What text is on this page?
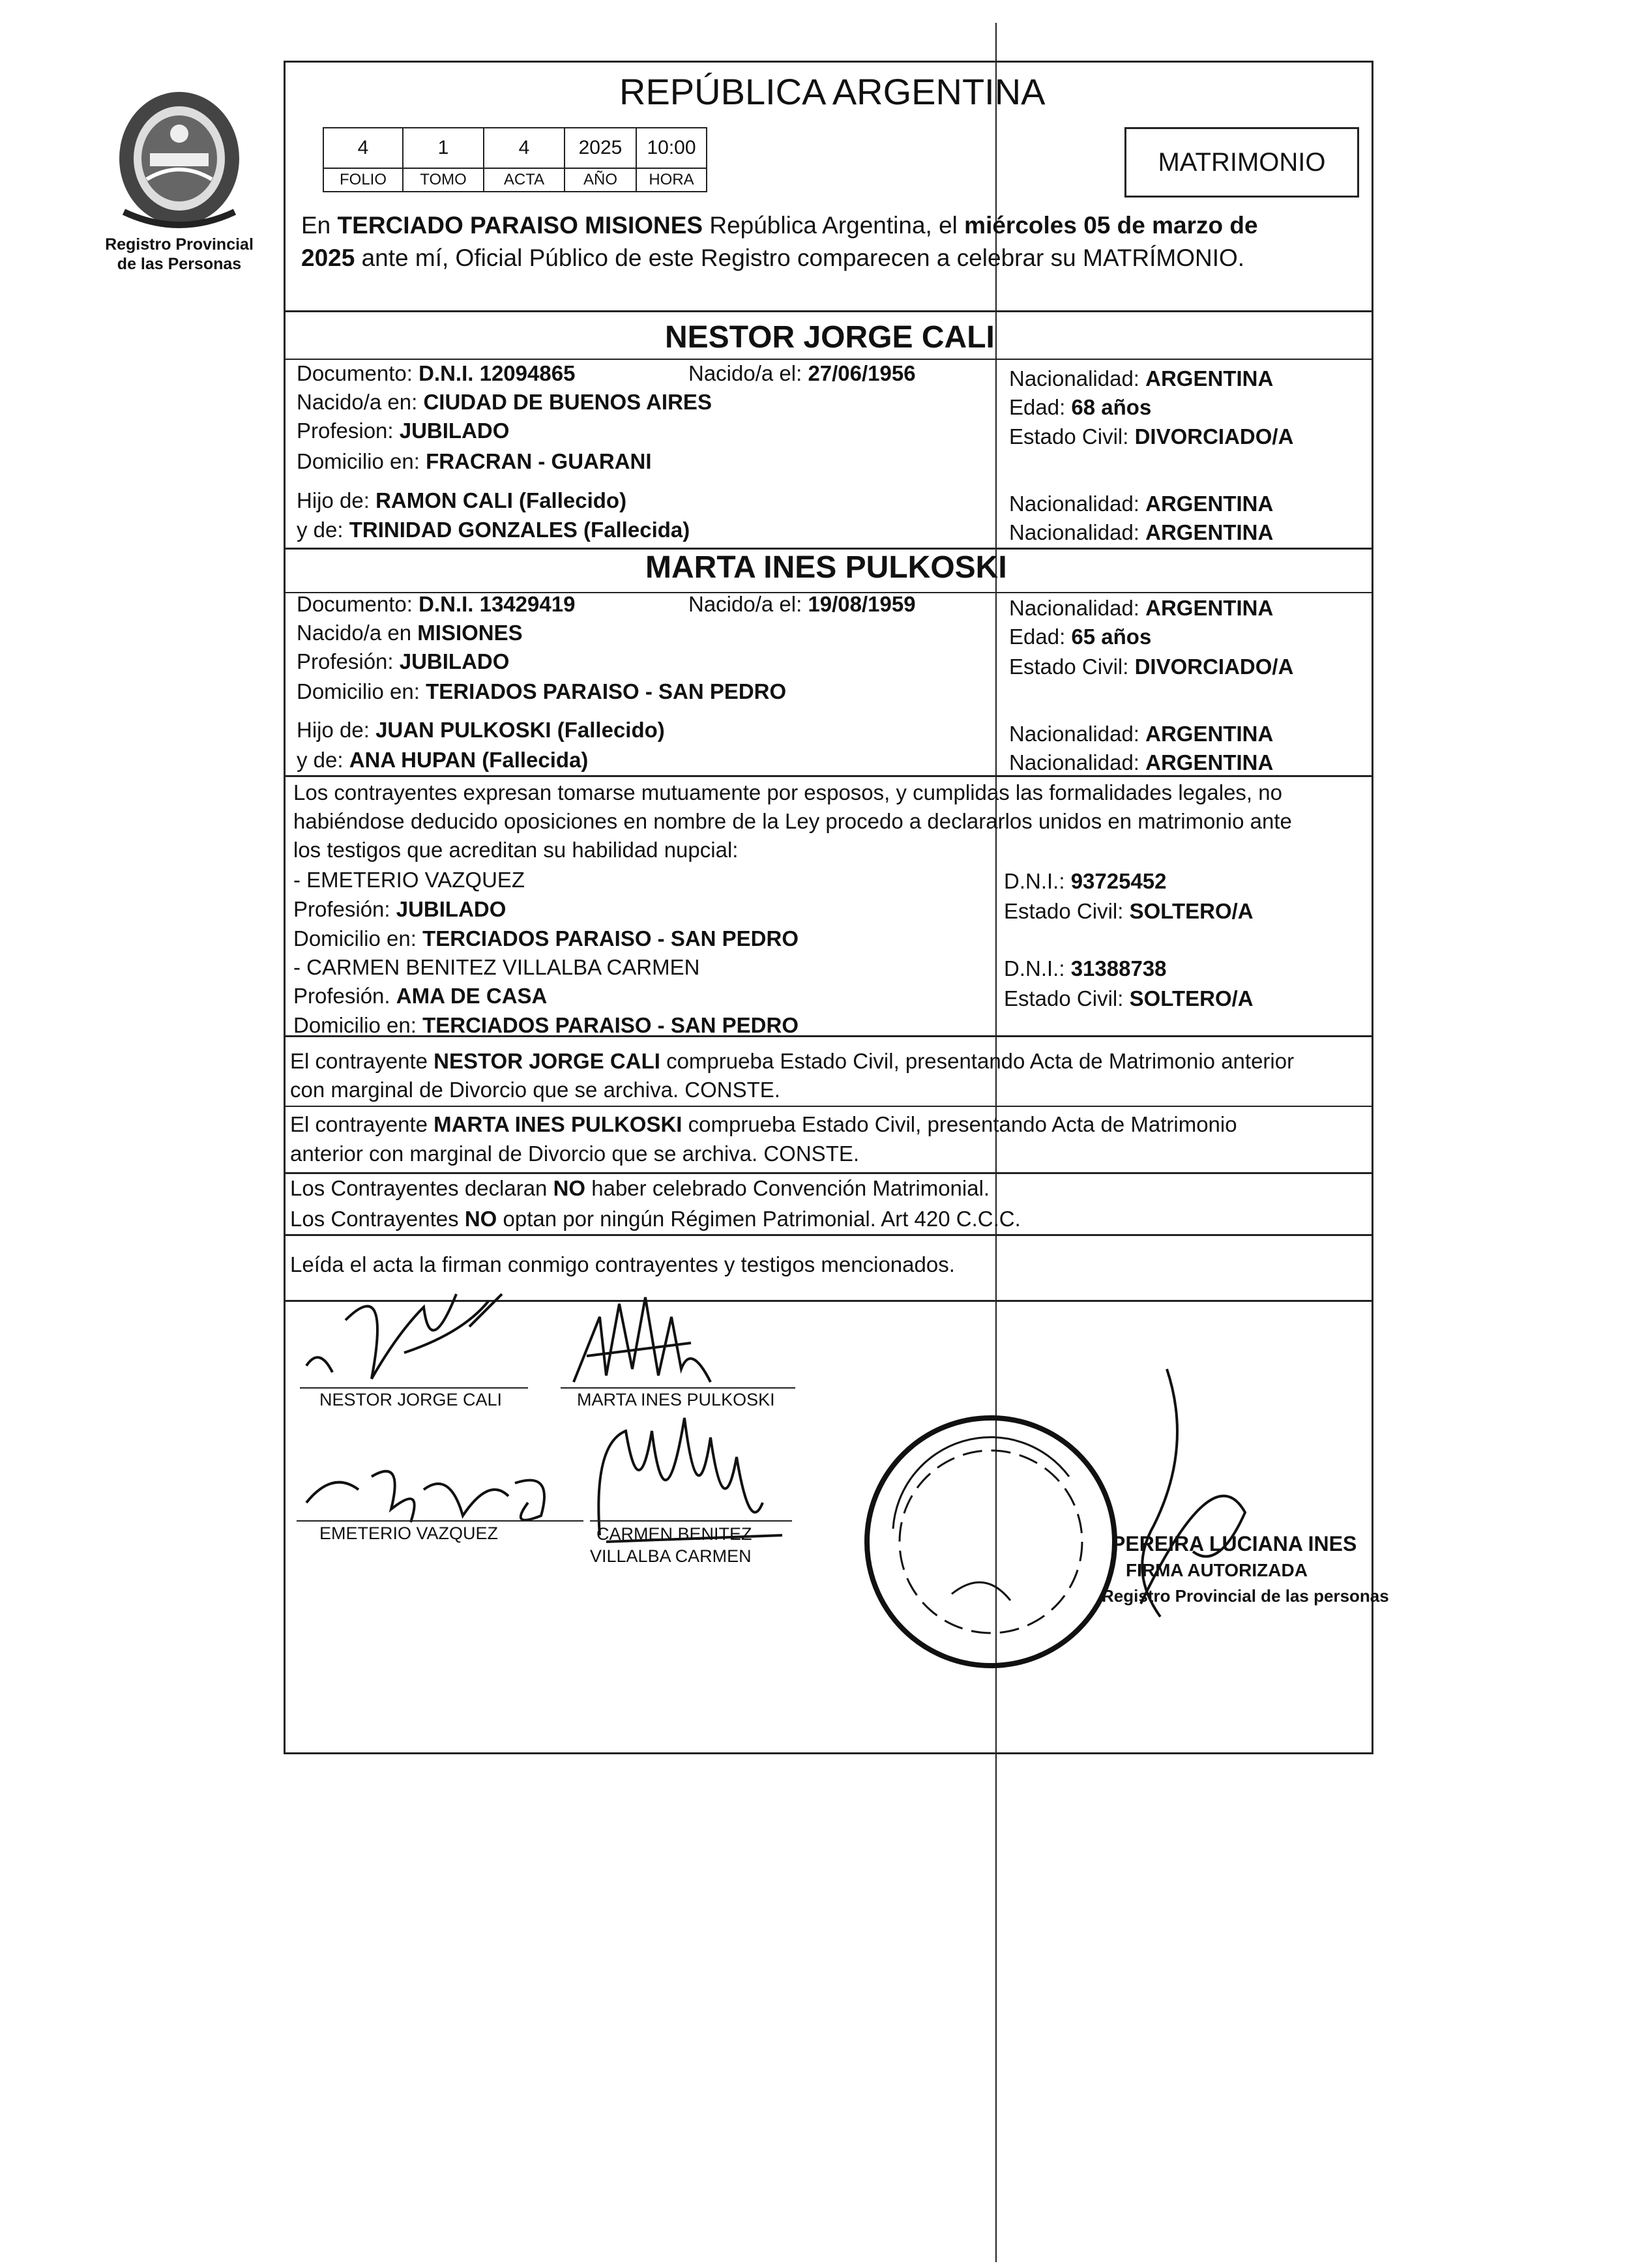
Registro Provincial
de las Personas
REPÚBLICA ARGENTINA
4	1	4	2025	10:00
FOLIO	TOMO	ACTA	AÑO	HORA
MATRIMONIO
En TERCIADO PARAISO MISIONES República Argentina, el miércoles 05 de marzo de
2025 ante mí, Oficial Público de este Registro comparecen a celebrar su MATRÍMONIO.
NESTOR JORGE CALI
Documento: D.N.I. 12094865	Nacido/a el: 27/06/1956
Nacido/a en: CIUDAD DE BUENOS AIRES
Profesion: JUBILADO
Domicilio en: FRACRAN - GUARANI
Nacionalidad: ARGENTINA
Edad: 68 años
Estado Civil: DIVORCIADO/A
Hijo de: RAMON CALI (Fallecido)
y de: TRINIDAD GONZALES (Fallecida)
Nacionalidad: ARGENTINA
Nacionalidad: ARGENTINA
MARTA INES PULKOSKI
Documento: D.N.I. 13429419	Nacido/a el: 19/08/1959
Nacido/a en MISIONES
Profesión: JUBILADO
Domicilio en: TERIADOS PARAISO - SAN PEDRO
Nacionalidad: ARGENTINA
Edad: 65 años
Estado Civil: DIVORCIADO/A
Hijo de: JUAN PULKOSKI (Fallecido)
y de: ANA HUPAN (Fallecida)
Nacionalidad: ARGENTINA
Nacionalidad: ARGENTINA
Los contrayentes expresan tomarse mutuamente por esposos, y cumplidas las formalidades legales, no
habiéndose deducido oposiciones en nombre de la Ley procedo a declararlos unidos en matrimonio ante
los testigos que acreditan su habilidad nupcial:
- EMETERIO VAZQUEZ
Profesión: JUBILADO
Domicilio en: TERCIADOS PARAISO - SAN PEDRO
D.N.I.: 93725452
Estado Civil: SOLTERO/A
- CARMEN BENITEZ VILLALBA CARMEN
Profesión. AMA DE CASA
Domicilio en: TERCIADOS PARAISO - SAN PEDRO
D.N.I.: 31388738
Estado Civil: SOLTERO/A
El contrayente NESTOR JORGE CALI comprueba Estado Civil, presentando Acta de Matrimonio anterior
con marginal de Divorcio que se archiva. CONSTE.
El contrayente MARTA INES PULKOSKI comprueba Estado Civil, presentando Acta de Matrimonio
anterior con marginal de Divorcio que se archiva. CONSTE.
Los Contrayentes declaran NO haber celebrado Convención Matrimonial.
Los Contrayentes NO optan por ningún Régimen Patrimonial. Art 420 C.C.C.
Leída el acta la firman conmigo contrayentes y testigos mencionados.
NESTOR JORGE CALI	MARTA INES PULKOSKI
EMETERIO VAZQUEZ	CARMEN BENITEZ
VILLALBA CARMEN
PEREIRA LUCIANA INES
FIRMA AUTORIZADA
Registro Provincial de las personas
